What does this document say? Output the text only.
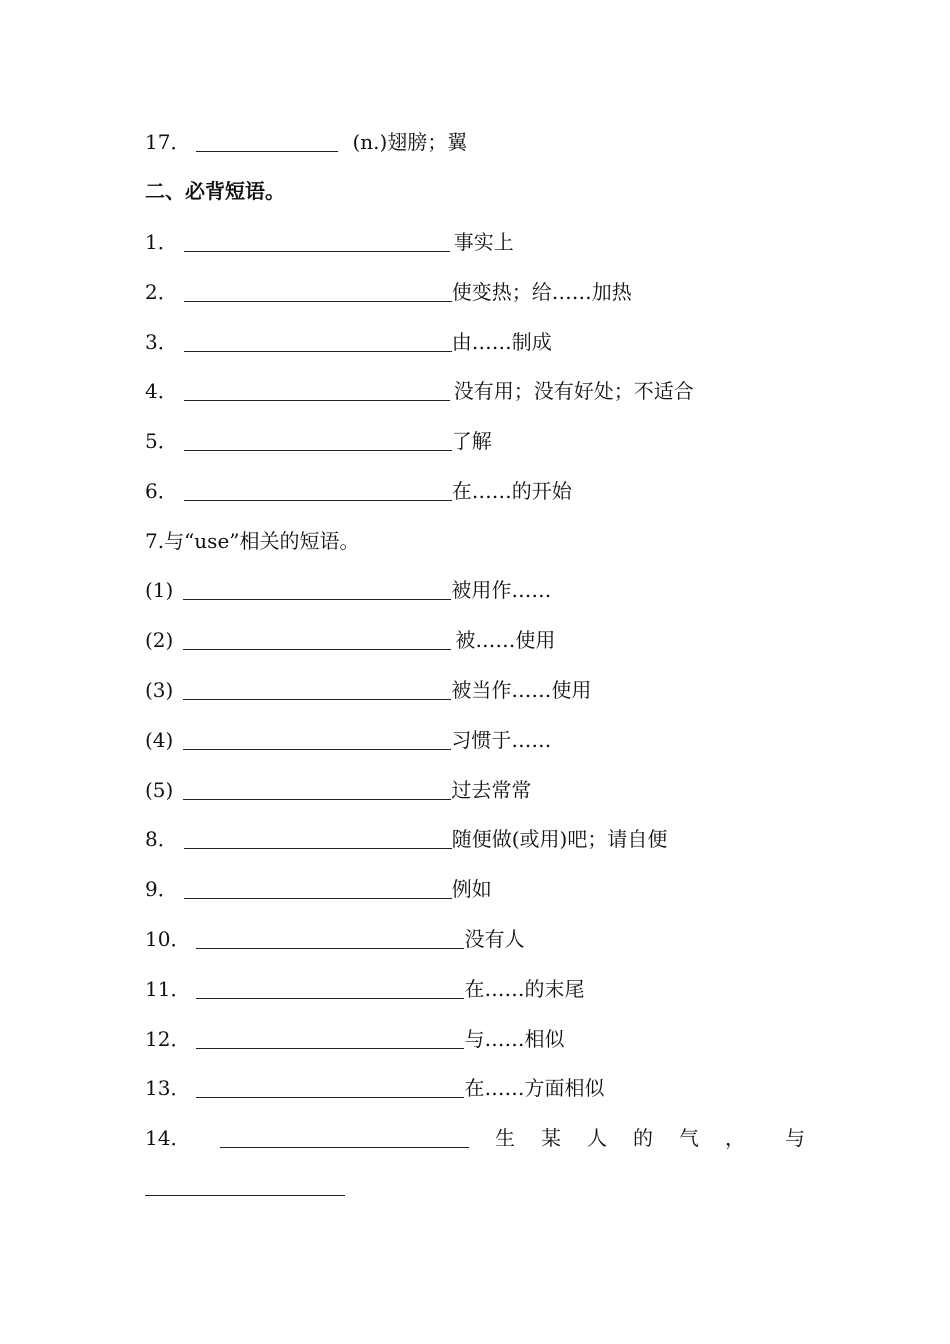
17．	(n.)翅膀；翼
二、必背短语。
1．	事实上
2．	使变热；给……加热
3．	由……制成
4．	没有用；没有好处；不适合
5．	了解
6．	在……的开始
7.与“use”相关的短语。
(1)	被用作……
(2)	被……使用
(3)	被当作……使用
(4)	习惯于……
(5)	过去常常
8．	随便做(或用)吧；请自便
9．	例如
10．	没有人
11．	在……的末尾
12．	与……相似
13．	在……方面相似
14．	生 某 人 的 气 ， 与
